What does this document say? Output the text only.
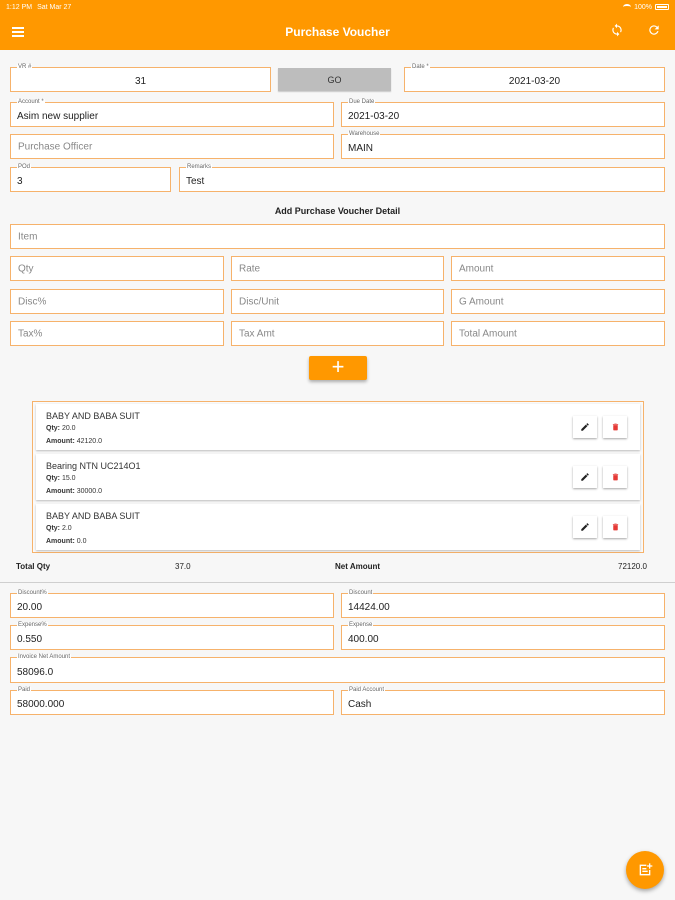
1:12 PM Sat Mar 27	100%
Purchase Voucher
VR #
31	GO
Date *
2021-03-20
Account *
Asim new supplier
Due Date
2021-03-20
Purchase Officer
Warehouse
MAIN
POd
3
Remarks
Test
Add Purchase Voucher Detail
Item
Qty	Rate	Amount
Disc%	Disc/Unit	G Amount
Tax%	Tax Amt	Total Amount
+
BABY AND BABA SUIT
Qty: 20.0
Amount: 42120.0
Bearing NTN UC214O1
Qty: 15.0
Amount: 30000.0
BABY AND BABA SUIT
Qty: 2.0
Amount: 0.0
Total Qty	37.0	Net Amount	72120.0
Discount%
20.00
Discount
14424.00
Expense%
0.550
Expense
400.00
Invoice Net Amount
58096.0
Paid
58000.000
Paid Account
Cash
